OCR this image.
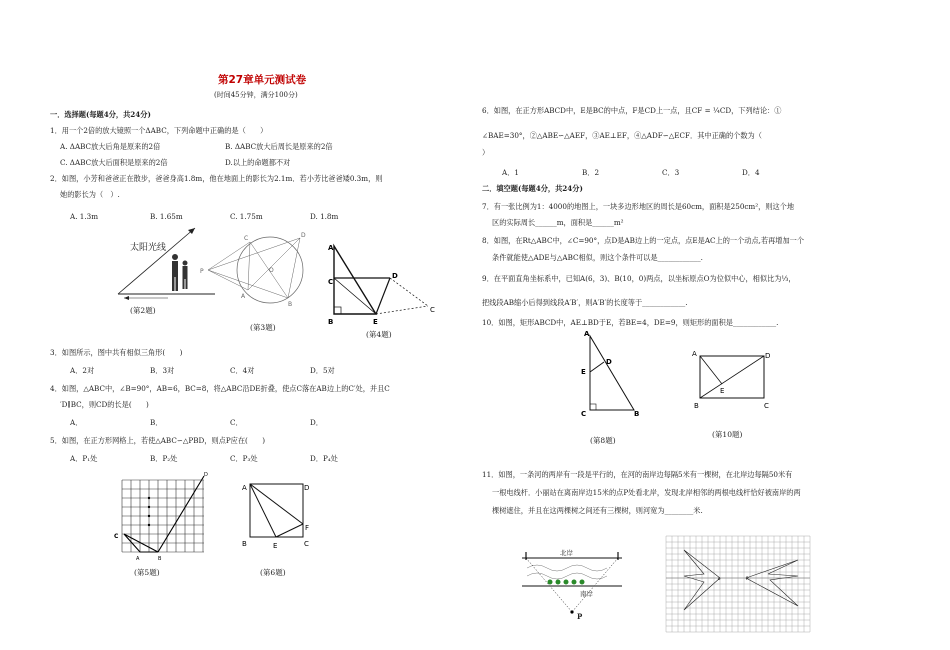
第27章单元测试卷
(时间45分钟，满分100分)
一．选择题(每题4分，共24分)
1．用一个2倍的放大镜照一个ΔABC，下列命题中正确的是（　　）
A. ΔABC放大后角是原来的2倍	B. ΔABC放大后周长是原来的2倍
C. ΔABC放大后面积是原来的2倍	D.以上的命题都不对
2．如图，小芳和爸爸正在散步，爸爸身高1.8m，他在地面上的影长为2.1m．若小芳比爸爸矮0.3m，则
她的影长为（　）.
A. 1.3m	B. 1.65m	C. 1.75m	D. 1.8m
太阳光线
(第2题)
P
C	D
A
B
O
(第3题)
A
C′
D
B	E
C
(第4题)
3．如图所示，图中共有相似三角形(　　)
A．2对	B．3对	C．4对	D．5对
4．如图，△ABC中，∠B=90°，AB=6，BC=8，将△ABC沿DE折叠，使点C落在AB边上的C′处，并且C
′D∥BC，则CD的长是(　　)
A．	B．	C．	D．
5．如图，在正方形网格上，若使△ABC∽△PBD，则点P应在(　　)
A．P₁处	B．P₂处	C．P₃处	D．P₄处
C
A	B
D
(第5题)
A	D
B	C
E
F
(第6题)
6．如图，在正方形ABCD中，E是BC的中点，F是CD上一点，且CF = ¼CD，下列结论：①
∠BAE=30°，②△ABE∽△AEF，③AE⊥EF，④△ADF∽△ECF．其中正确的个数为（
）
A．1	B．2	C．3	D．4
二．填空题(每题4分，共24分)
7．有一张比例为1：4000的地图上，一块多边形地区的周长是60cm，面积是250cm²，则这个地
区的实际周长______m，面积是______m²
8．如图，在Rt△ABC中，∠C=90°，点D是AB边上的一定点，点E是AC上的一个动点,若再增加一个
条件就能使△ADE与△ABC相似，则这个条件可以是____________.
9．在平面直角坐标系中，已知A(6，3)、B(10，0)两点，以坐标原点O为位似中心，相似比为⅓，
把线段AB缩小后得到线段A′B′，则A′B′的长度等于____________.
10．如图，矩形ABCD中，AE⊥BD于E，若BE=4，DE=9，则矩形的面积是____________.
A
D
E
C	B
(第8题)
A	D
E
B	C
(第10题)
11．如图，一条河的两岸有一段是平行的，在河的南岸边每隔5米有一棵树，在北岸边每隔50米有
一根电线杆．小丽站在离南岸边15米的点P处看北岸，发现北岸相邻的两根电线杆恰好被南岸的两
棵树遮住，并且在这两棵树之间还有三棵树，则河宽为________米.
北岸
南岸
P
o	P
